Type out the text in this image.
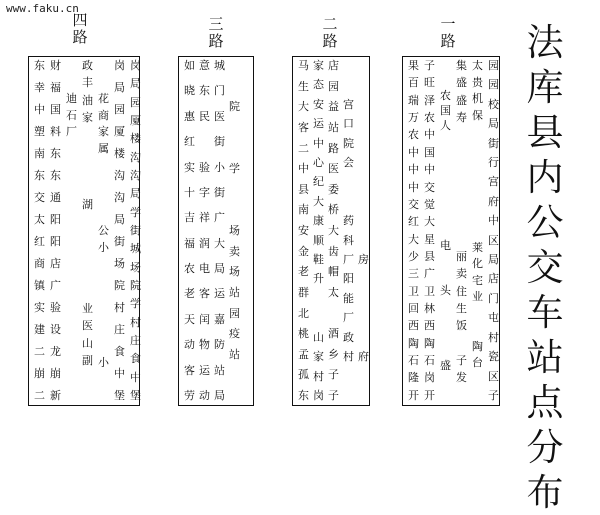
www.faku.cn
四
路
三
路
二
路
一
路
东
幸
中
塑
南
东
交
太
红
商
镇
实
建
二
崩
二
财
福
国
料
东
东
通
阳
阳
店
广
验
设
龙
崩
新
迪
石
厂
政
丰
油
家
湖
业
医
山
副
花
商
家
属
公
小
小
岗
局
园
厦
楼
沟
沟
局
街
场
院
村
庄
食
中
堡
岗
局
园
厦
楼
沟
沟
局
学
街
城
场
院
学
村
庄
食
中
堡
如
晓
惠
红
实
十
吉
福
农
老
天
动
客
劳
意
东
民
验
字
祥
润
电
客
闰
物
运
动
城
门
医
街
小
街
广
大
局
运
嘉
防
站
局
院
学
场
卖
场
站
园
疫
站
马
生
大
客
二
中
县
南
安
金
老
群
北
桃
孟
孤
东
家
态
安
运
中
心
纪
大
康
顺
鞋
升
山
家
村
岗
店
园
益
站
路
医
委
桥
大
齿
帽
太
酒
乡
子
子
宫
口
院
会
药
科
厂
阳
能
厂
政
村
房
府
果
百
瑞
万
农
中
中
中
交
红
大
少
三
卫
回
西
陶
石
隆
开
子
旺
泽
农
中
国
中
交
觉
大
星
县
广
卫
林
西
陶
石
岗
开
农
国
人
电
头
盛
集
盛
盛
寿
丽
卖
住
生
饭
子
发
太
贵
机
保
莱
化
宅
业
陶
台
园
园
校
局
街
行
宫
府
中
区
局
店
门
屯
村
瓷
区
子
法
库
县
内
公
交
车
站
点
分
布
